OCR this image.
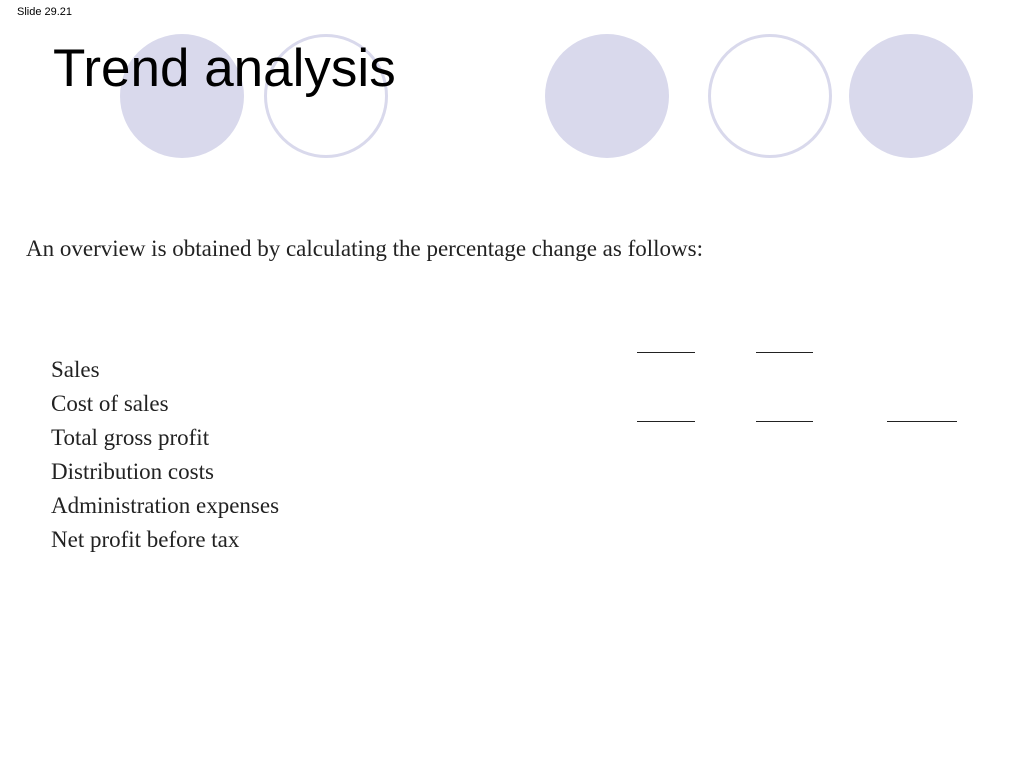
Slide 29.21
Trend analysis
An overview is obtained by calculating the percentage change as follows:
Sales
Cost of sales
Total gross profit
Distribution costs
Administration expenses
Net profit before tax
